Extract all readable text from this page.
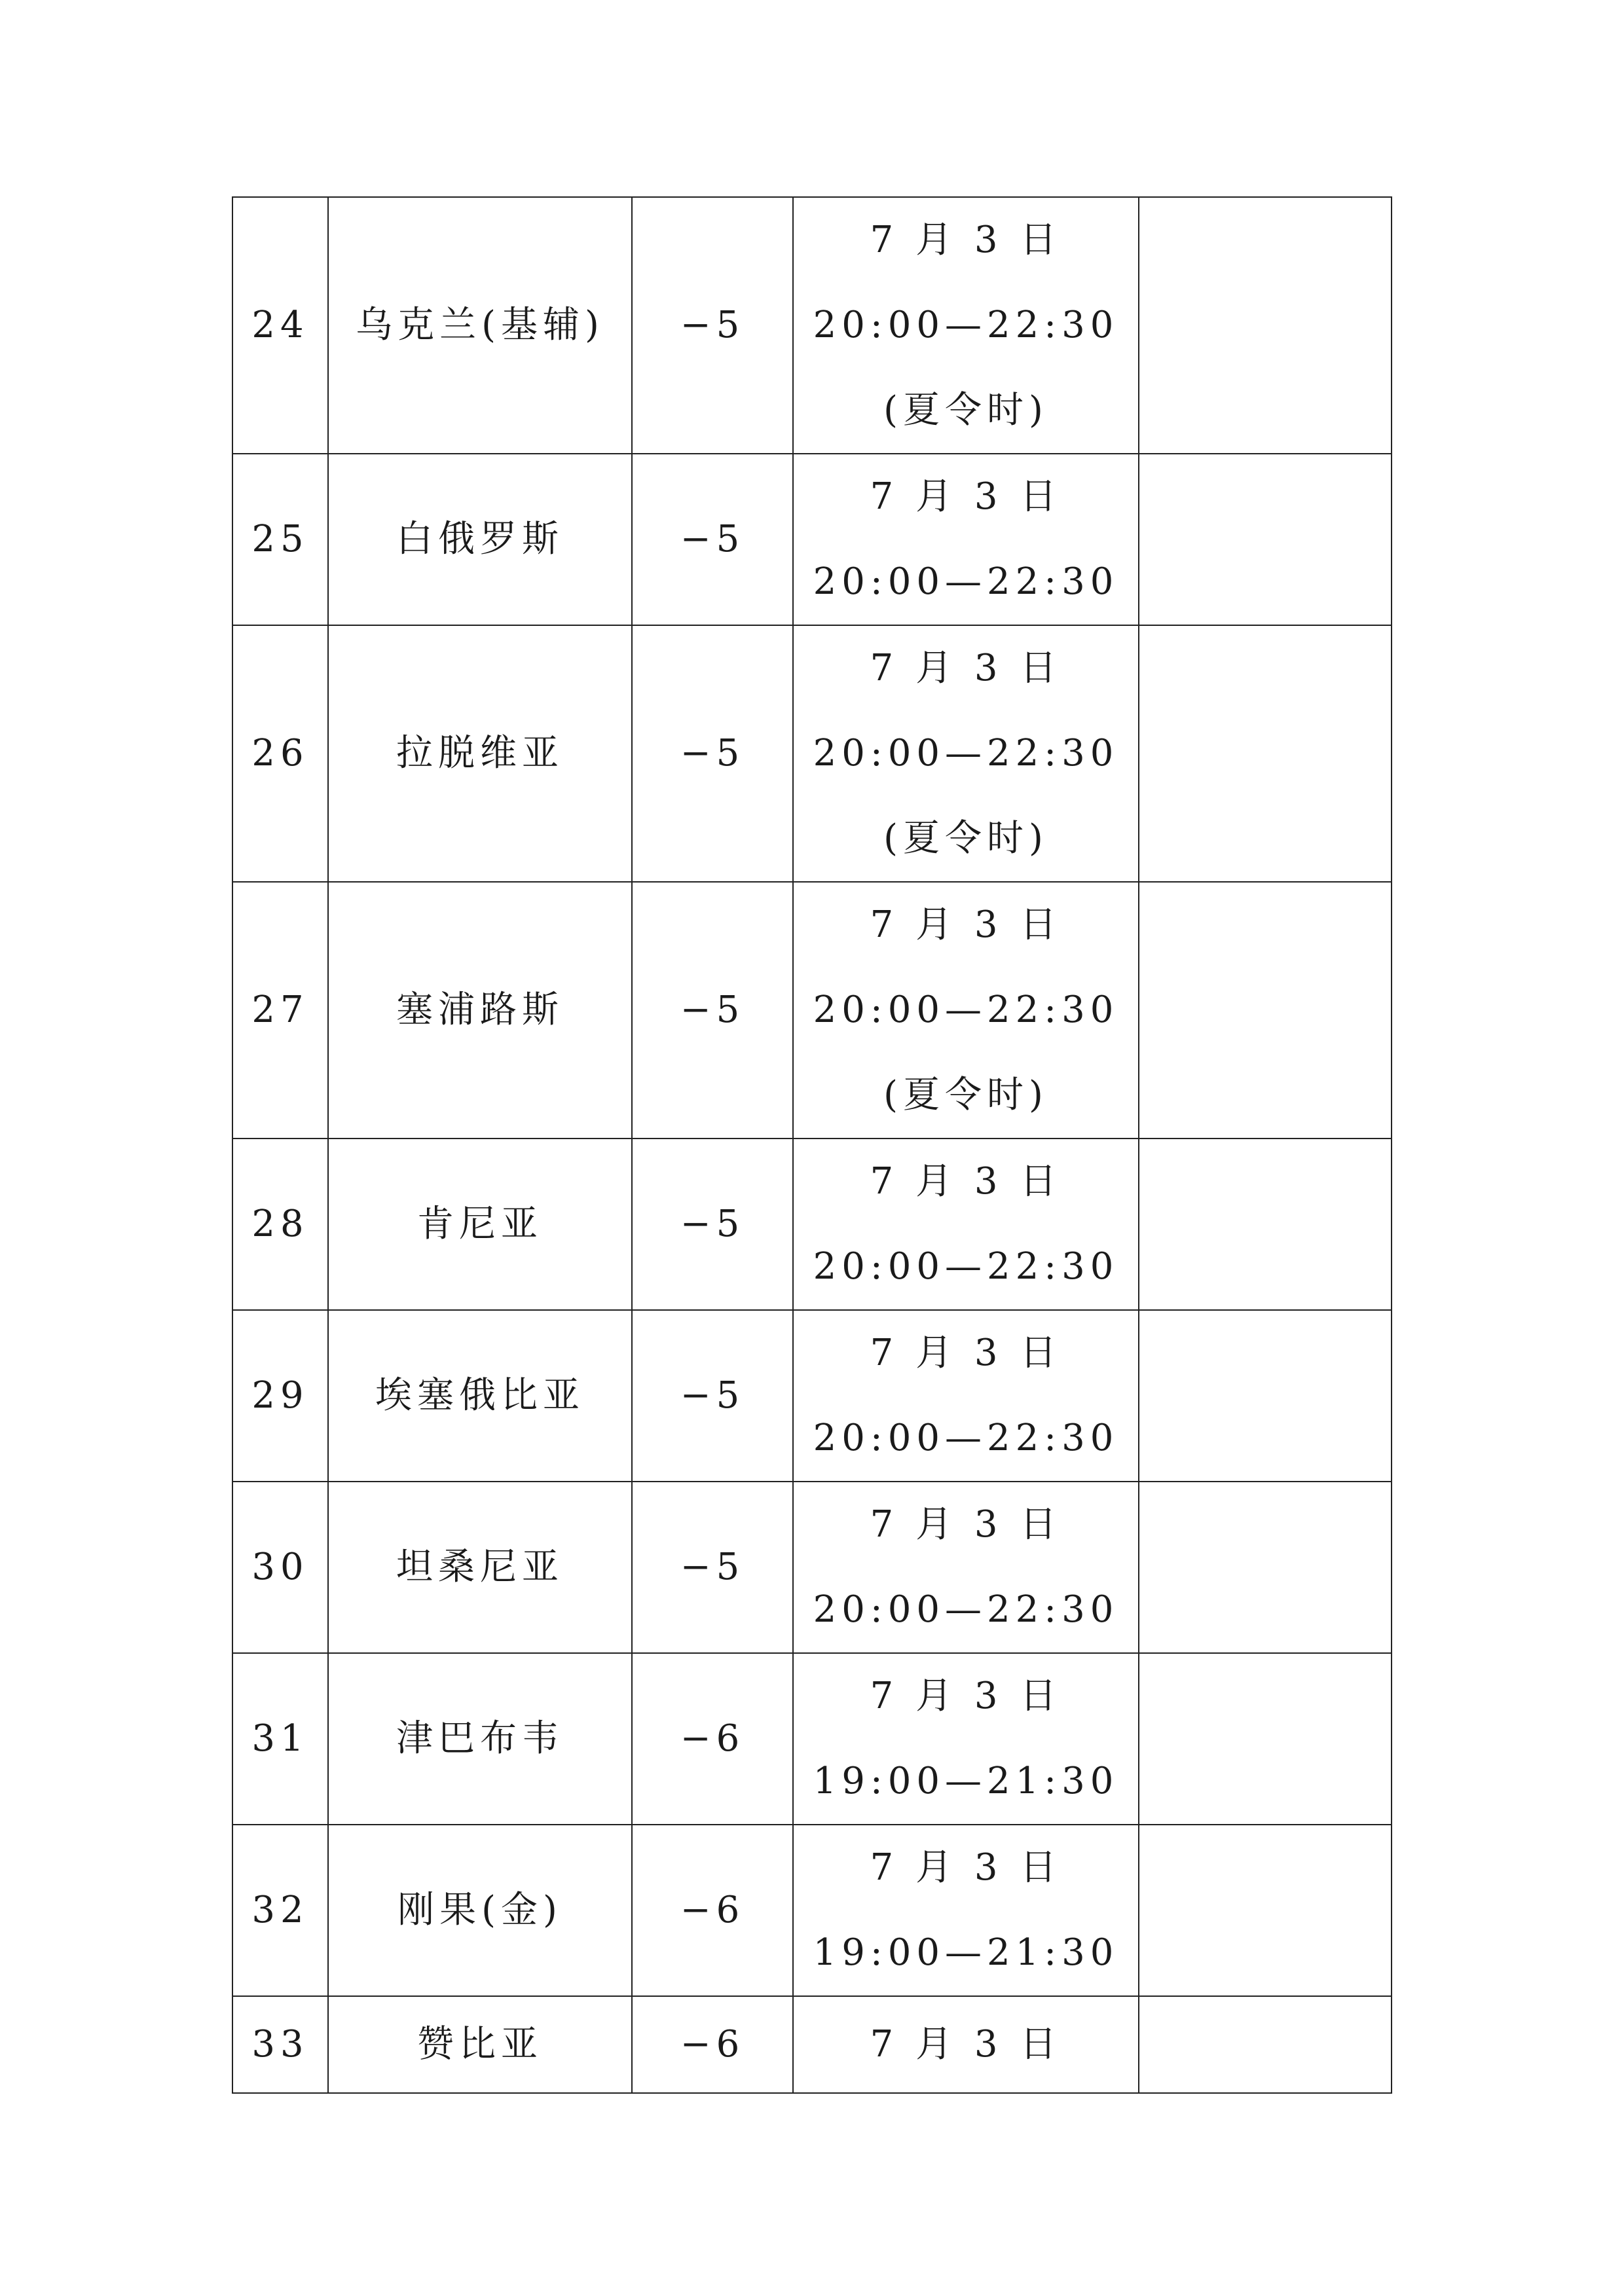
24	乌克兰(基辅)	−5	7 月 3 日
20:00—22:30
(夏令时)	

25	白俄罗斯	−5	7 月 3 日
20:00—22:30	

26	拉脱维亚	−5	7 月 3 日
20:00—22:30
(夏令时)	

27	塞浦路斯	−5	7 月 3 日
20:00—22:30
(夏令时)	

28	肯尼亚	−5	7 月 3 日
20:00—22:30	

29	埃塞俄比亚	−5	7 月 3 日
20:00—22:30	

30	坦桑尼亚	−5	7 月 3 日
20:00—22:30	

31	津巴布韦	−6	7 月 3 日
19:00—21:30	

32	刚果(金)	−6	7 月 3 日
19:00—21:30	

33	赞比亚	−6	7 月 3 日	
